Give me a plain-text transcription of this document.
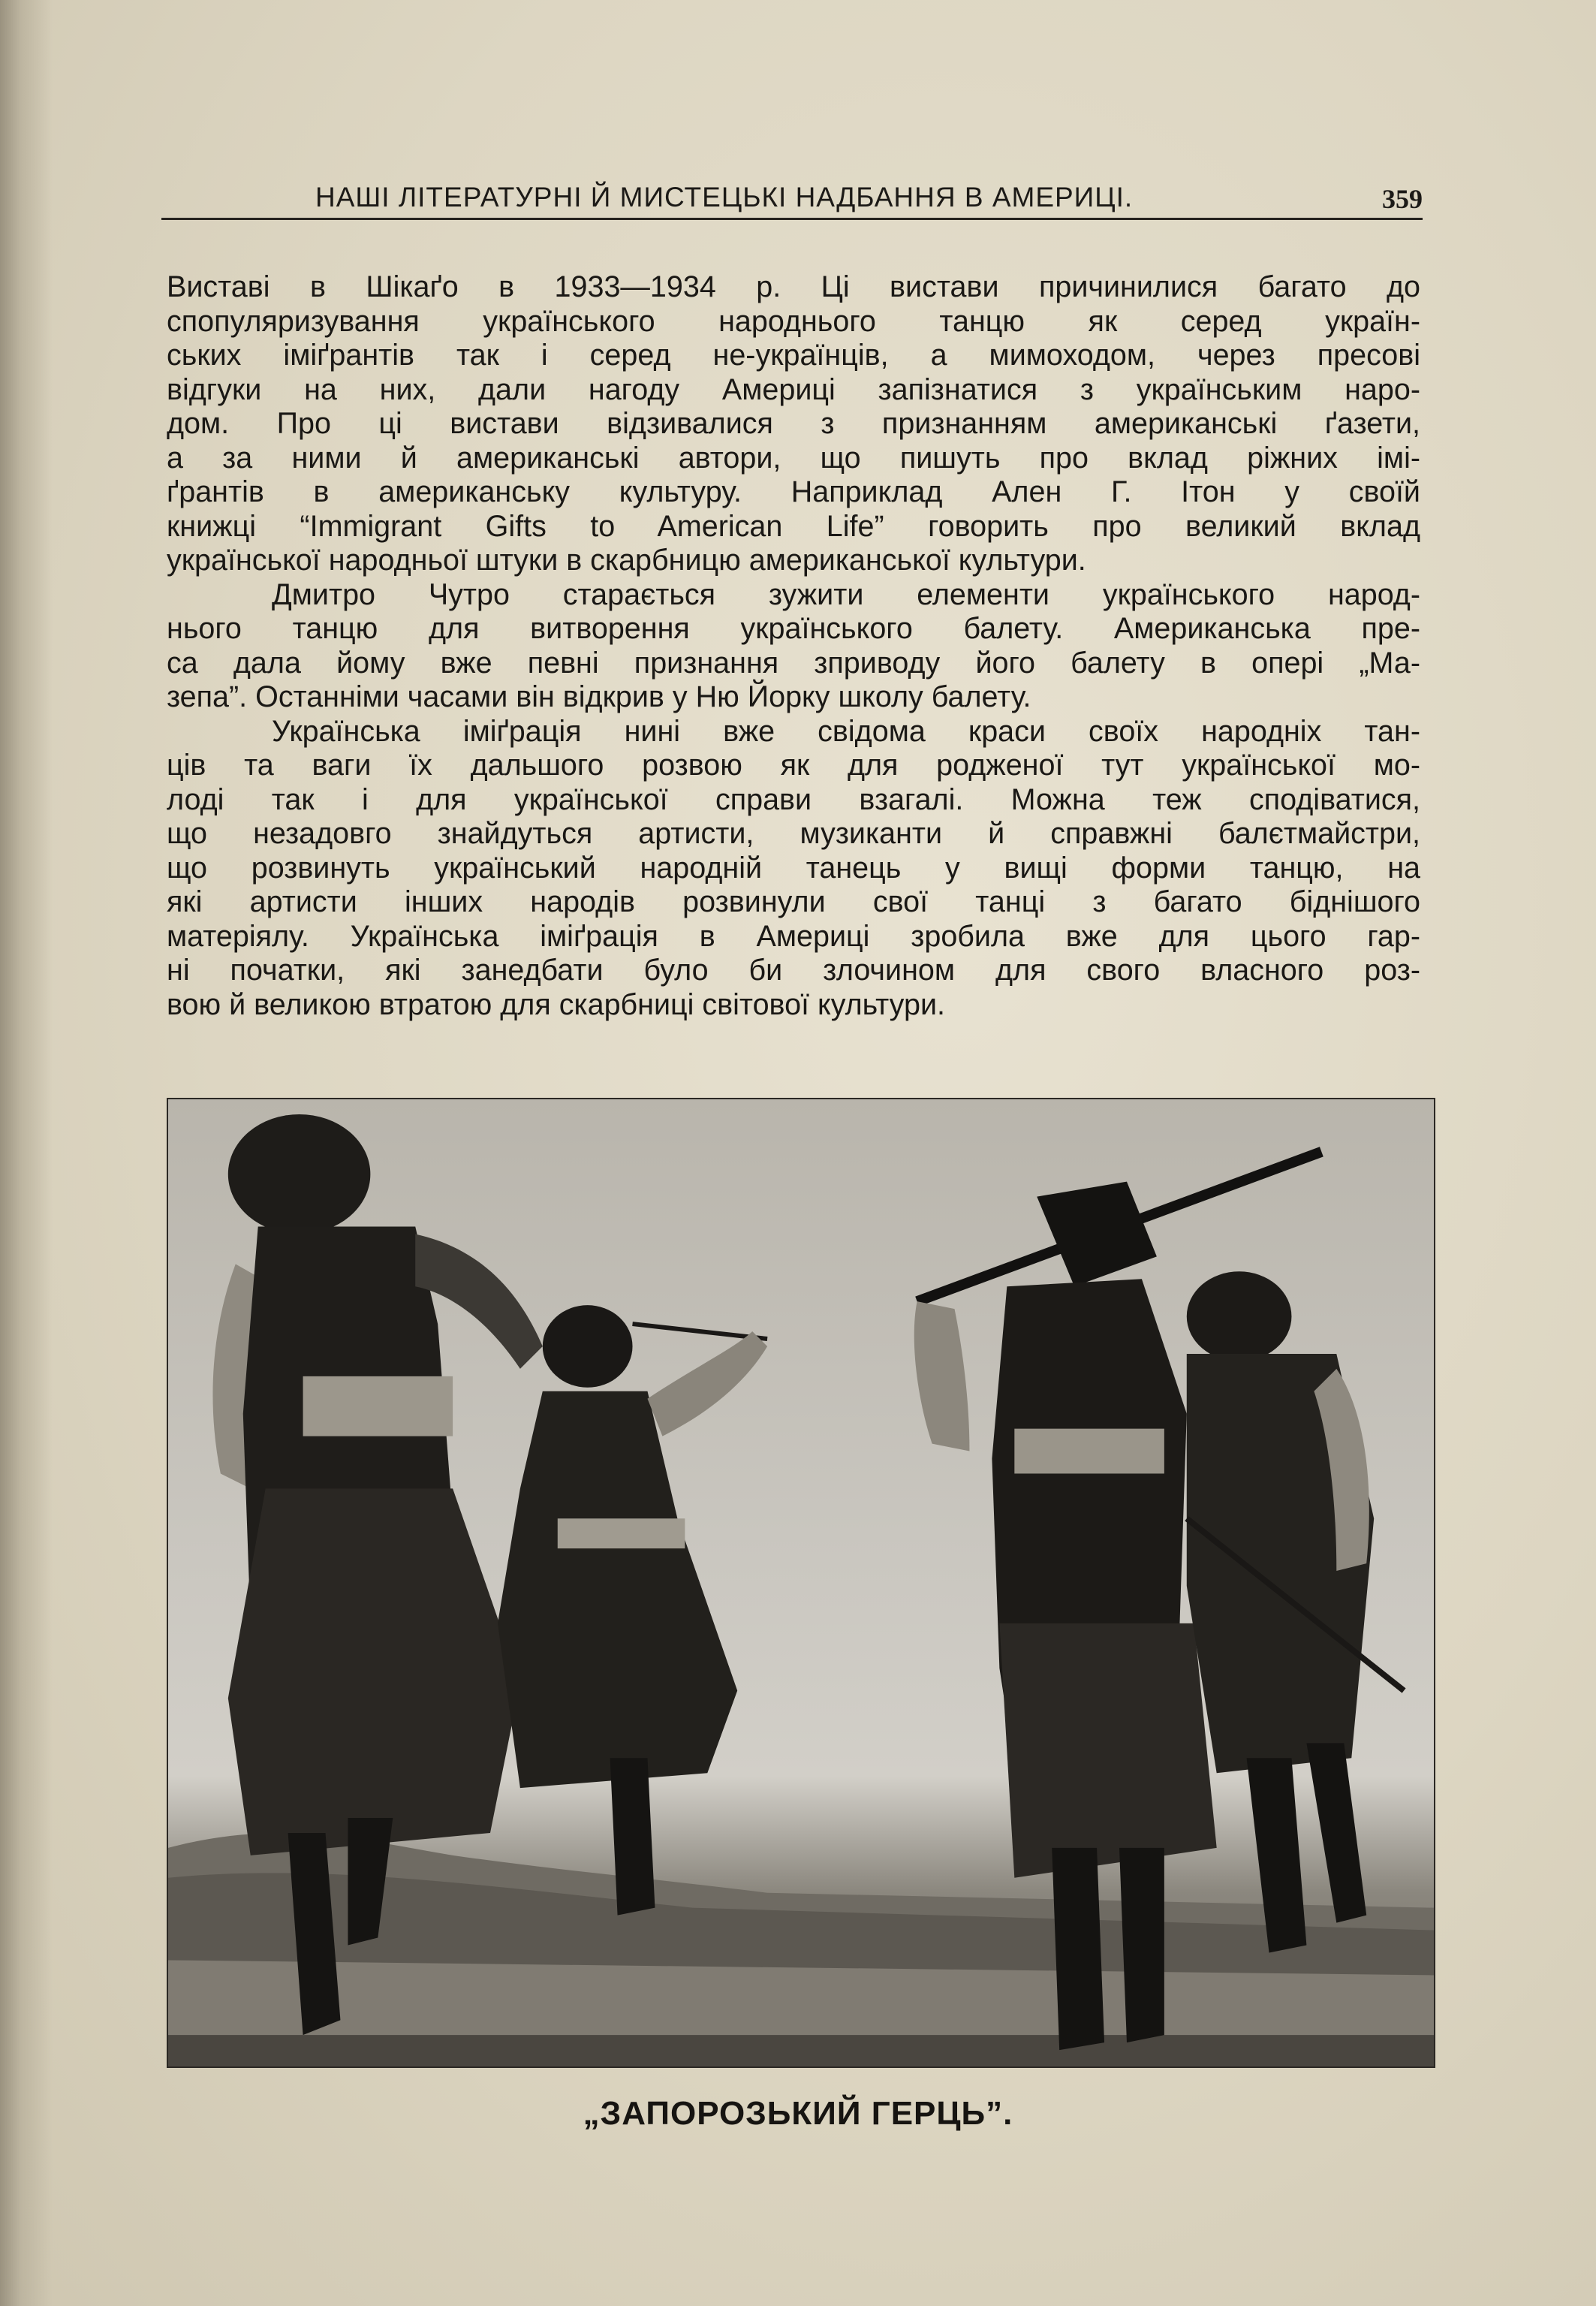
НАШІ ЛІТЕРАТУРНІ Й МИСТЕЦЬКІ НАДБАННЯ В АМЕРИЦІ.	359
Виставі в Шікаґо в 1933—1934 р. Ці вистави причинилися багато до
спопуляризування українського народнього танцю як серед україн-
ських іміґрантів так і серед не-українців, а мимоходом, через пресові
відгуки на них, дали нагоду Америці запізнатися з українським наро-
дом. Про ці вистави відзивалися з признанням американські ґазети,
а за ними й американські автори, що пишуть про вклад ріжних імі-
ґрантів в американську культуру. Наприклад Ален Г. Ітон у своїй
книжці “Immigrant Gifts to American Life” говорить про великий вклад
української народньої штуки в скарбницю американської культури.
Дмитро Чутро старається зужити елементи українського народ-
нього танцю для витворення українського балету. Американська пре-
са дала йому вже певні признання зприводу його балету в опері „Ма-
зепа”. Останніми часами він відкрив у Ню Йорку школу балету.
Українська іміґрація нині вже свідома краси своїх народніх тан-
ців та ваги їх дальшого розвою як для родженої тут української мо-
лоді так і для української справи взагалі. Можна теж сподіватися,
що незадовго знайдуться артисти, музиканти й справжні балєтмайстри,
що розвинуть український народній танець у вищі форми танцю, на
які артисти інших народів розвинули свої танці з багато біднішого
матеріялу. Українська іміґрація в Америці зробила вже для цього гар-
ні початки, які занедбати було би злочином для свого власного роз-
вою й великою втратою для скарбниці світової культури.
„ЗАПОРОЗЬКИЙ ГЕРЦЬ”.
